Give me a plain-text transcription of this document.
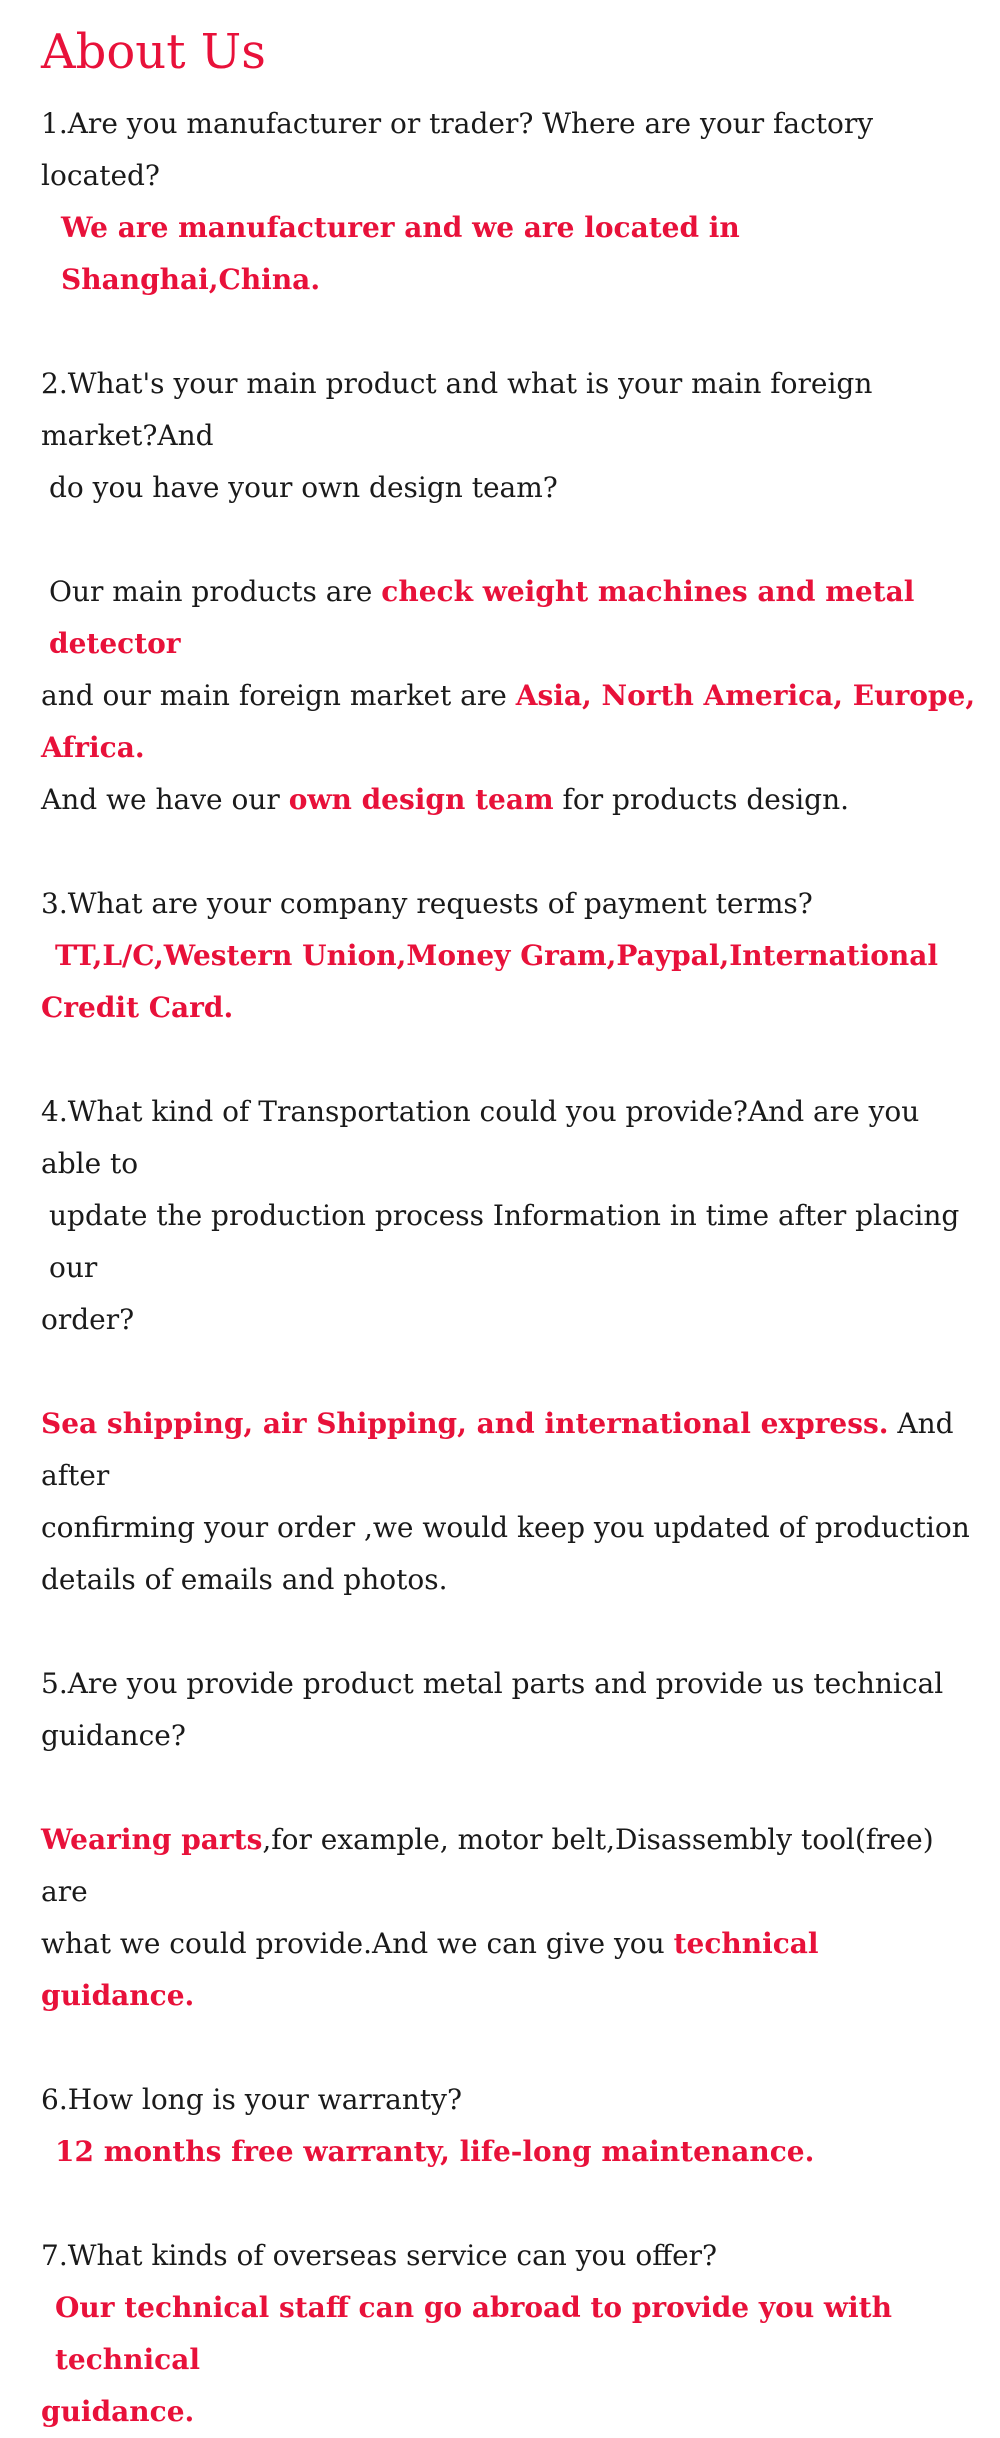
About Us

1.Are you manufacturer or trader? Where are your factory located?

We are manufacturer and we are located in Shanghai,China.

2.What's your main product and what is your main foreign market?And

do you have your own design team?

Our main products are check weight machines and metal detector

and our main foreign market are Asia, North America, Europe, Africa.

And we have our own design team for products design.

3.What are your company requests of payment terms?

TT,L/C,Western Union,Money Gram,Paypal,International

Credit Card.

4.What kind of Transportation could you provide?And are you able to

update the production process Information in time after placing our

order?

Sea shipping, air Shipping, and international express. And after

confirming your order ,we would keep you updated of production

details of emails and photos.

5.Are you provide product metal parts and provide us technical

guidance?

Wearing parts,for example, motor belt,Disassembly tool(free) are

what we could provide.And we can give you technical guidance.

6.How long is your warranty?

12 months free warranty, life-long maintenance.

7.What kinds of overseas service can you offer?

Our technical staff can go abroad to provide you with technical

guidance.
